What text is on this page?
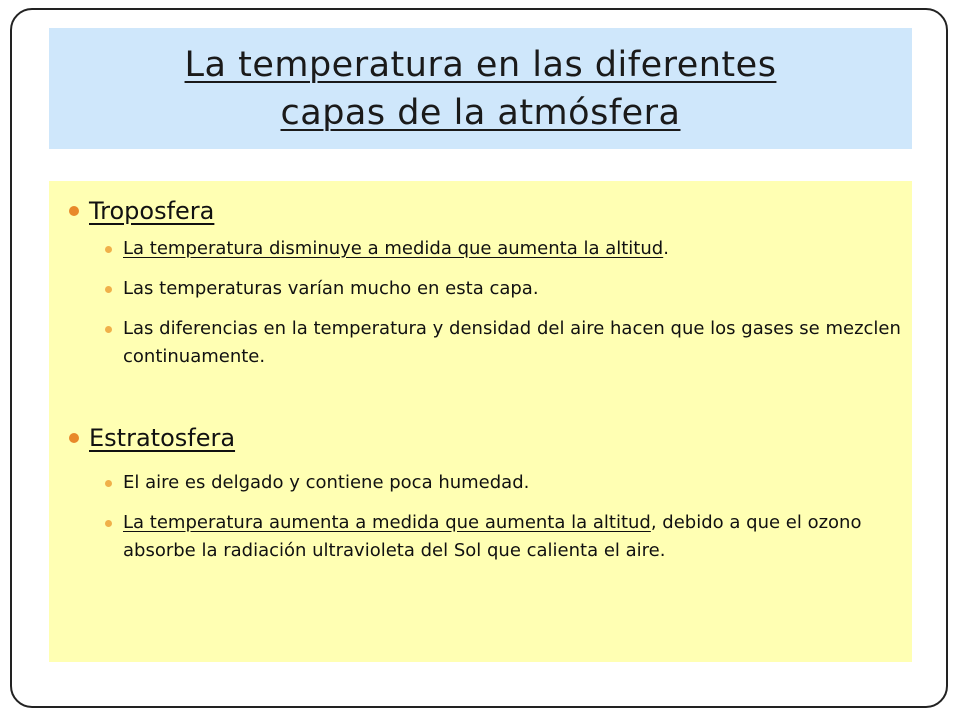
La temperatura en las diferentes
capas de la atmósfera
Troposfera
La temperatura disminuye a medida que aumenta la altitud.
Las temperaturas varían mucho en esta capa.
Las diferencias en la temperatura y densidad del aire hacen que los gases se mezclen continuamente.
Estratosfera
El aire es delgado y contiene poca humedad.
La temperatura aumenta a medida que aumenta la altitud, debido a que el ozono absorbe la radiación ultravioleta del Sol que calienta el aire.
